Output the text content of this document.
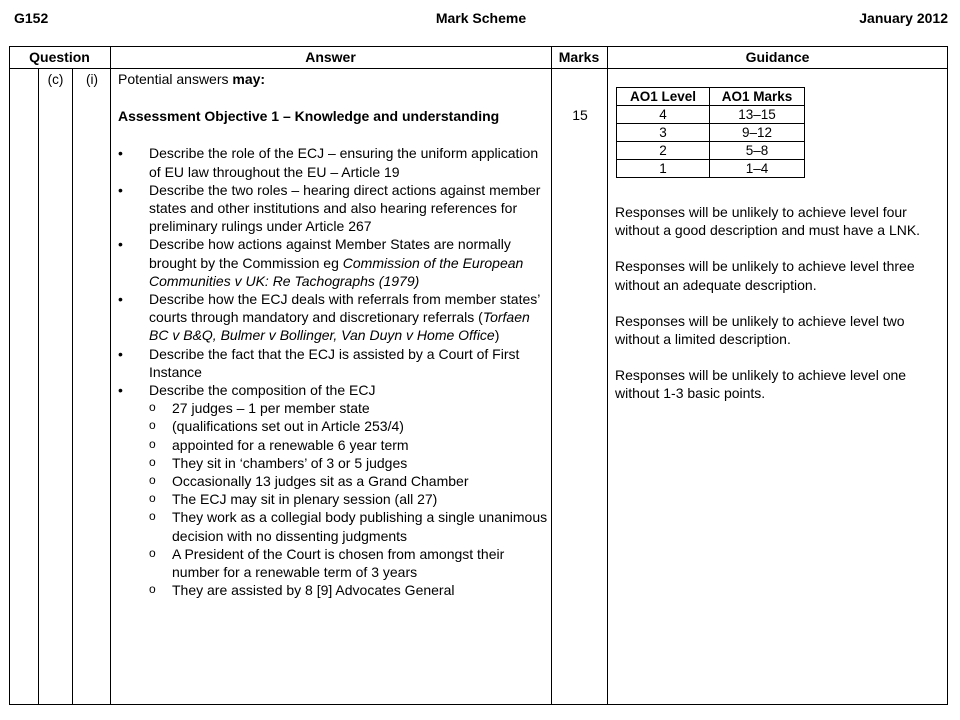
G152	Mark Scheme	January 2012
Question	Answer	Marks	Guidance
(c)	(i)	Potential answers may:

Assessment Objective 1 – Knowledge and understanding

• Describe the role of the ECJ – ensuring the uniform application of EU law throughout the EU – Article 19
• Describe the two roles – hearing direct actions against member states and other institutions and also hearing references for preliminary rulings under Article 267
• Describe how actions against Member States are normally brought by the Commission eg Commission of the European Communities v UK: Re Tachographs (1979)
• Describe how the ECJ deals with referrals from member states’ courts through mandatory and discretionary referrals (Torfaen BC v B&Q, Bulmer v Bollinger, Van Duyn v Home Office)
• Describe the fact that the ECJ is assisted by a Court of First Instance
• Describe the composition of the ECJ
o 27 judges – 1 per member state
o (qualifications set out in Article 253/4)
o appointed for a renewable 6 year term
o They sit in ‘chambers’ of 3 or 5 judges
o Occasionally 13 judges sit as a Grand Chamber
o The ECJ may sit in plenary session (all 27)
o They work as a collegial body publishing a single unanimous decision with no dissenting judgments
o A President of the Court is chosen from amongst their number for a renewable term of 3 years
o They are assisted by 8 [9] Advocates General
15
AO1 Level	AO1 Marks
4	13–15
3	9–12
2	5–8
1	1–4

Responses will be unlikely to achieve level four without a good description and must have a LNK.

Responses will be unlikely to achieve level three without an adequate description.

Responses will be unlikely to achieve level two without a limited description.

Responses will be unlikely to achieve level one without 1-3 basic points.
